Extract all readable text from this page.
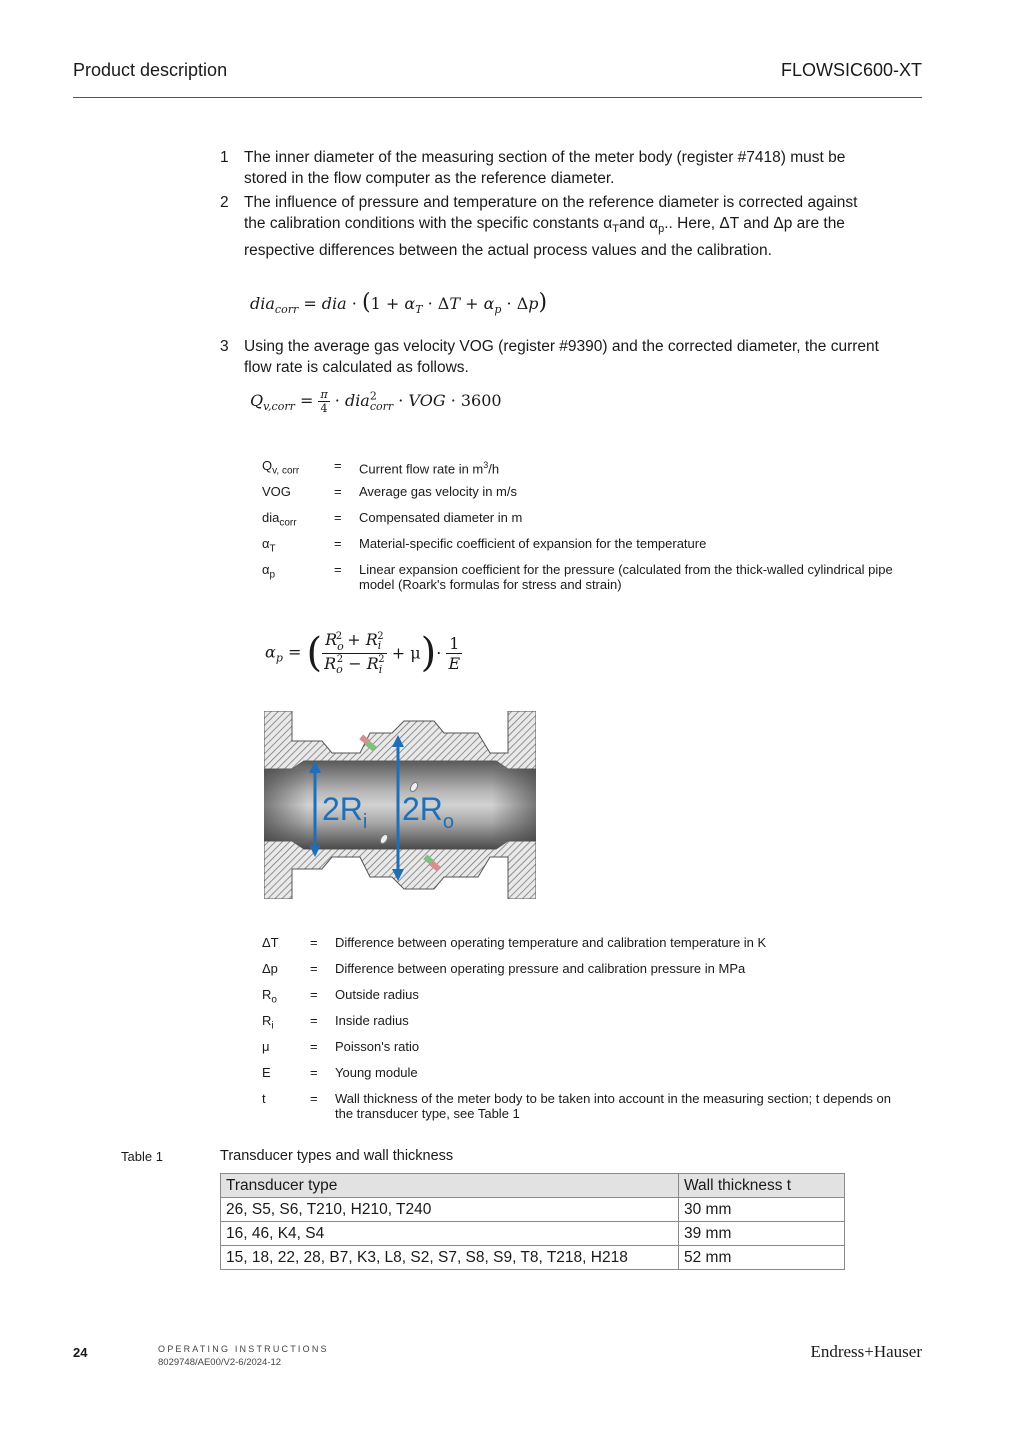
Product description	FLOWSIC600-XT
1 The inner diameter of the measuring section of the meter body (register #7418) must be stored in the flow computer as the reference diameter.
2 The influence of pressure and temperature on the reference diameter is corrected against the calibration conditions with the specific constants $\alpha_Tand$ $\alpha_p$.. Here, ΔT and Δp are the respective differences between the actual process values and the calibration.
dia$_{corr}$ = dia · $(1 + \alpha_T \cdot \Delta T + \alpha_p \cdot \Delta p)$
3 Using the average gas velocity VOG (register #9390) and the corrected diameter, the current flow rate is calculated as follows.
$Q_{v,corr} = \frac{\pi}{4} \cdot dia^2_{corr}$ · VOG · 3600
$Q_{v, corr}$	= Current flow rate in $m^3/h$
VOG	= Average gas velocity in m/s
dia$_{corr}$	= Compensated diameter in m
$\alpha_T$	= Material-specific coefficient of expansion for the temperature
$\alpha_p$	= Linear expansion coefficient for the pressure (calculated from the thick-walled cylindrical pipe model (Roark's formulas for stress and strain)
$\alpha_p$ = ( $\frac{R_o^2 + R_i^2}{R_o^2 - R_i^2} + \mu)\cdot \frac{1}{E}$
$2R_i$ $2R_o$
ΔT = Difference between operating temperature and calibration temperature in K
Δp = Difference between operating pressure and calibration pressure in MPa
$R_o$	= Outside radius
$R_i$	= Inside radius
μ	= Poisson's ratio
E	= Young module
t	= Wall thickness of the meter body to be taken into account in the measuring section; t depends on the transducer type, see Table 1
Table 1	Transducer types and wall thickness
Transducer type	Wall thickness t
26, S5, S6, T210, H210, T240	30 mm
16, 46, K4, S4	39 mm
15, 18, 22, 28, B7, K3, L8, S2, S7, S8, S9, T8, T218, H218	52 mm
24	OPERATING INSTRUCTIONS
8029748/AE00/V2-6/2024-12
Endress+Hauser
